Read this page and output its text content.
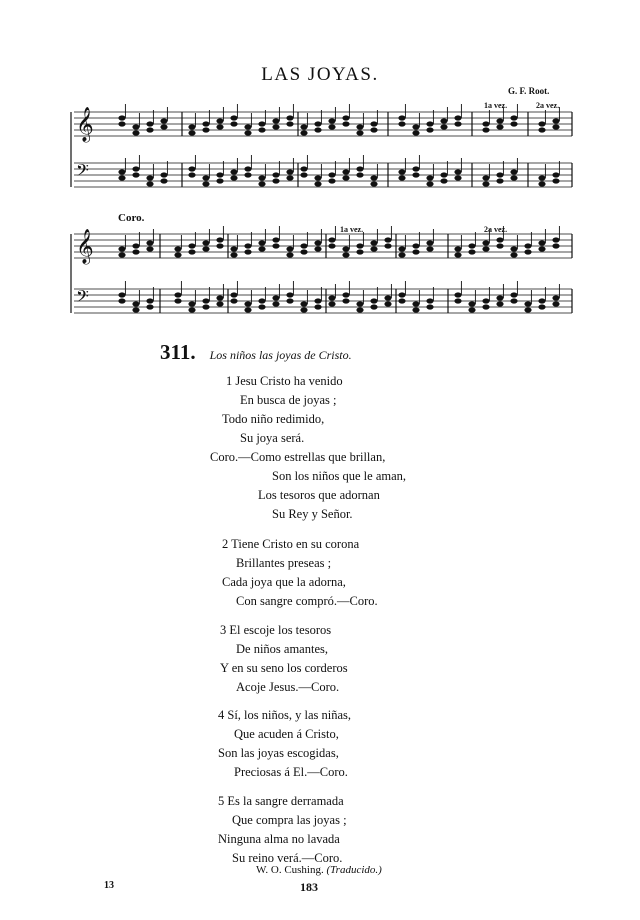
LAS JOYAS.
G. F. Root.
1a vez.	2a vez.
Coro.
1a vez.	2a vez.
𝄞
𝄢
𝄞
𝄢
311. Los niños las joyas de Cristo.
1 Jesu Cristo ha venido
En busca de joyas ;
Todo niño redimido,
Su joya será.
Coro.—Como estrellas que brillan,
Son los niños que le aman,
Los tesoros que adornan
Su Rey y Señor.
2 Tiene Cristo en su corona
Brillantes preseas ;
Cada joya que la adorna,
Con sangre compró.—Coro.
3 El escoje los tesoros
De niños amantes,
Y en su seno los corderos
Acoje Jesus.—Coro.
4 Sí, los niños, y las niñas,
Que acuden á Cristo,
Son las joyas escogidas,
Preciosas á El.—Coro.
5 Es la sangre derramada
Que compra las joyas ;
Ninguna alma no lavada
Su reino verá.—Coro.
W. O. Cushing. (Traducido.)
13	183
